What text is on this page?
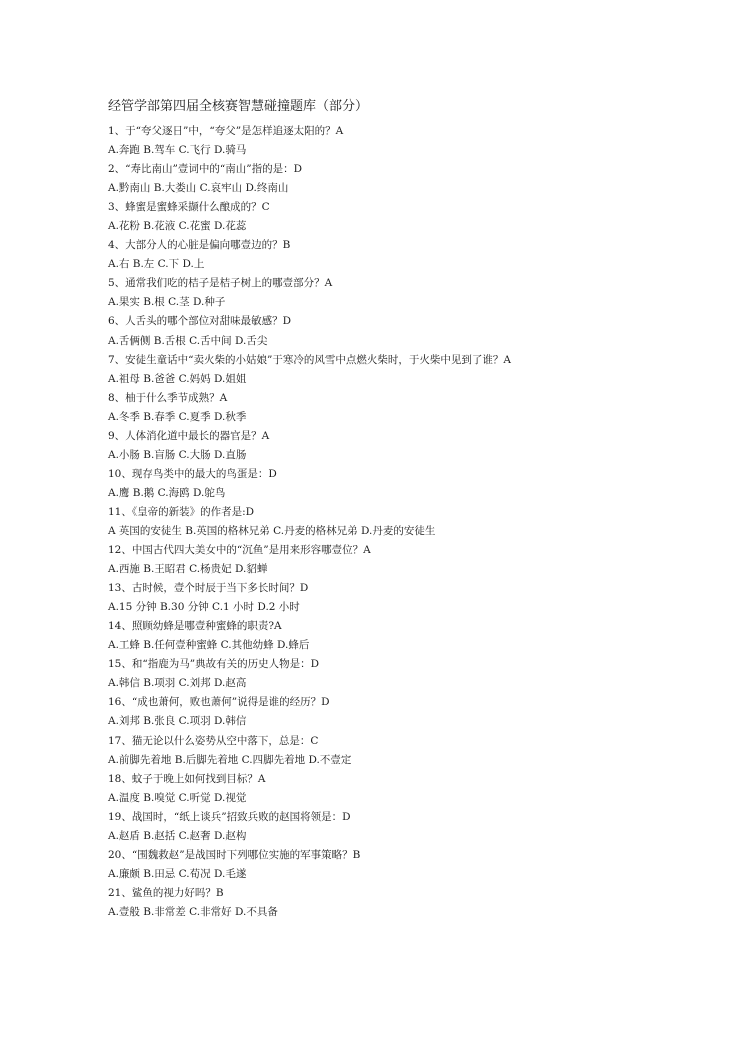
经管学部第四届全核赛智慧碰撞题库（部分）
1、于“夸父逐日”中，“夸父”是怎样追逐太阳的？A
A.奔跑 B.驾车 C.飞行 D.骑马
2、“寿比南山”壹词中的“南山”指的是：D
A.黔南山 B.大娄山 C.哀牢山 D.终南山
3、蜂蜜是蜜蜂采撷什么酿成的？C
A.花粉 B.花液 C.花蜜 D.花蕊
4、大部分人的心脏是偏向哪壹边的？B
A.右 B.左 C.下 D.上
5、通常我们吃的桔子是桔子树上的哪壹部分？A
A.果实 B.根 C.茎 D.种子
6、人舌头的哪个部位对甜味最敏感？D
A.舌俩侧 B.舌根 C.舌中间 D.舌尖
7、安徒生童话中“卖火柴的小姑娘”于寒冷的风雪中点燃火柴时，于火柴中见到了谁？A
A.祖母 B.爸爸 C.妈妈 D.姐姐
8、柚于什么季节成熟？A
A.冬季 B.春季 C.夏季 D.秋季
9、人体消化道中最长的器官是？A
A.小肠 B.盲肠 C.大肠 D.直肠
10、现存鸟类中的最大的鸟蛋是：D
A.鹰 B.鹅 C.海鸥 D.鸵鸟
11、《皇帝的新装》的作者是:D
A 英国的安徒生 B.英国的格林兄弟 C.丹麦的格林兄弟 D.丹麦的安徒生
12、中国古代四大美女中的“沉鱼”是用来形容哪壹位？A
A.西施 B.王昭君 C.杨贵妃 D.貂蝉
13、古时候，壹个时辰于当下多长时间？D
A.15 分钟 B.30 分钟 C.1 小时 D.2 小时
14、照顾幼蜂是哪壹种蜜蜂的职责?A
A.工蜂 B.任何壹种蜜蜂 C.其他幼蜂 D.蜂后
15、和“指鹿为马”典故有关的历史人物是：D
A.韩信 B.项羽 C.刘邦 D.赵高
16、“成也萧何，败也萧何”说得是谁的经历？D
A.刘邦 B.张良 C.项羽 D.韩信
17、猫无论以什么姿势从空中落下，总是：C
A.前脚先着地 B.后脚先着地 C.四脚先着地 D.不壹定
18、蚊子于晚上如何找到目标？A
A.温度 B.嗅觉 C.听觉 D.视觉
19、战国时，“纸上谈兵”招致兵败的赵国将领是：D
A.赵盾 B.赵括 C.赵奢 D.赵构
20、“围魏救赵”是战国时下列哪位实施的军事策略？B
A.廉颇 B.田忌 C.荀况 D.毛遂
21、鲨鱼的视力好吗？B
A.壹般 B.非常差 C.非常好 D.不具备
